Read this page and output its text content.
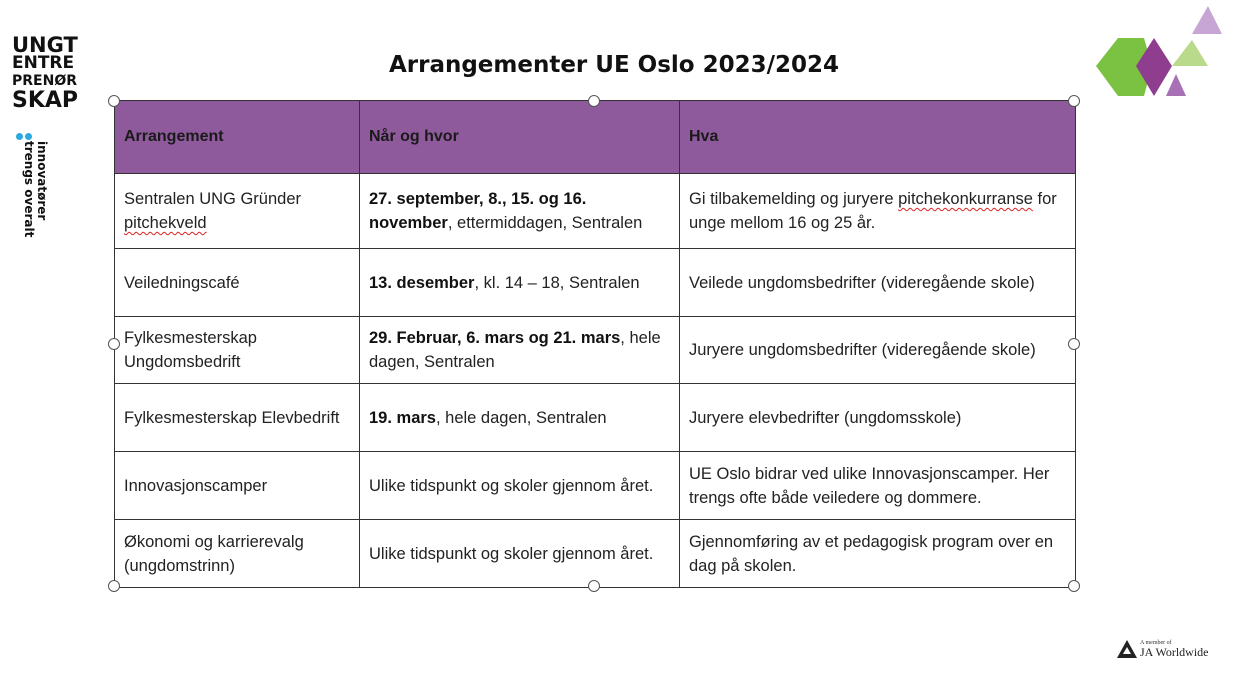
UNGT
ENTRE
PRENØR
SKAP
innovatører
trengs overalt
Arrangementer UE Oslo 2023/2024
Arrangement	Når og hvor	Hva
Sentralen UNG Gründer pitchekveld	27. september, 8., 15. og 16. november, ettermiddagen, Sentralen	Gi tilbakemelding og juryere pitchekonkurranse for unge mellom 16 og 25 år.
Veiledningscafé	13. desember, kl. 14 – 18, Sentralen	Veilede ungdomsbedrifter (videregående skole)
Fylkesmesterskap Ungdomsbedrift	29. Februar, 6. mars og 21. mars, hele dagen, Sentralen	Juryere ungdomsbedrifter (videregående skole)
Fylkesmesterskap Elevbedrift	19. mars, hele dagen, Sentralen	Juryere elevbedrifter (ungdomsskole)
Innovasjonscamper	Ulike tidspunkt og skoler gjennom året.	UE Oslo bidrar ved ulike Innovasjonscamper. Her trengs ofte både veiledere og dommere.
Økonomi og karrierevalg (ungdomstrinn)	Ulike tidspunkt og skoler gjennom året.	Gjennomføring av et pedagogisk program over en dag på skolen.
A member of
JA Worldwide
